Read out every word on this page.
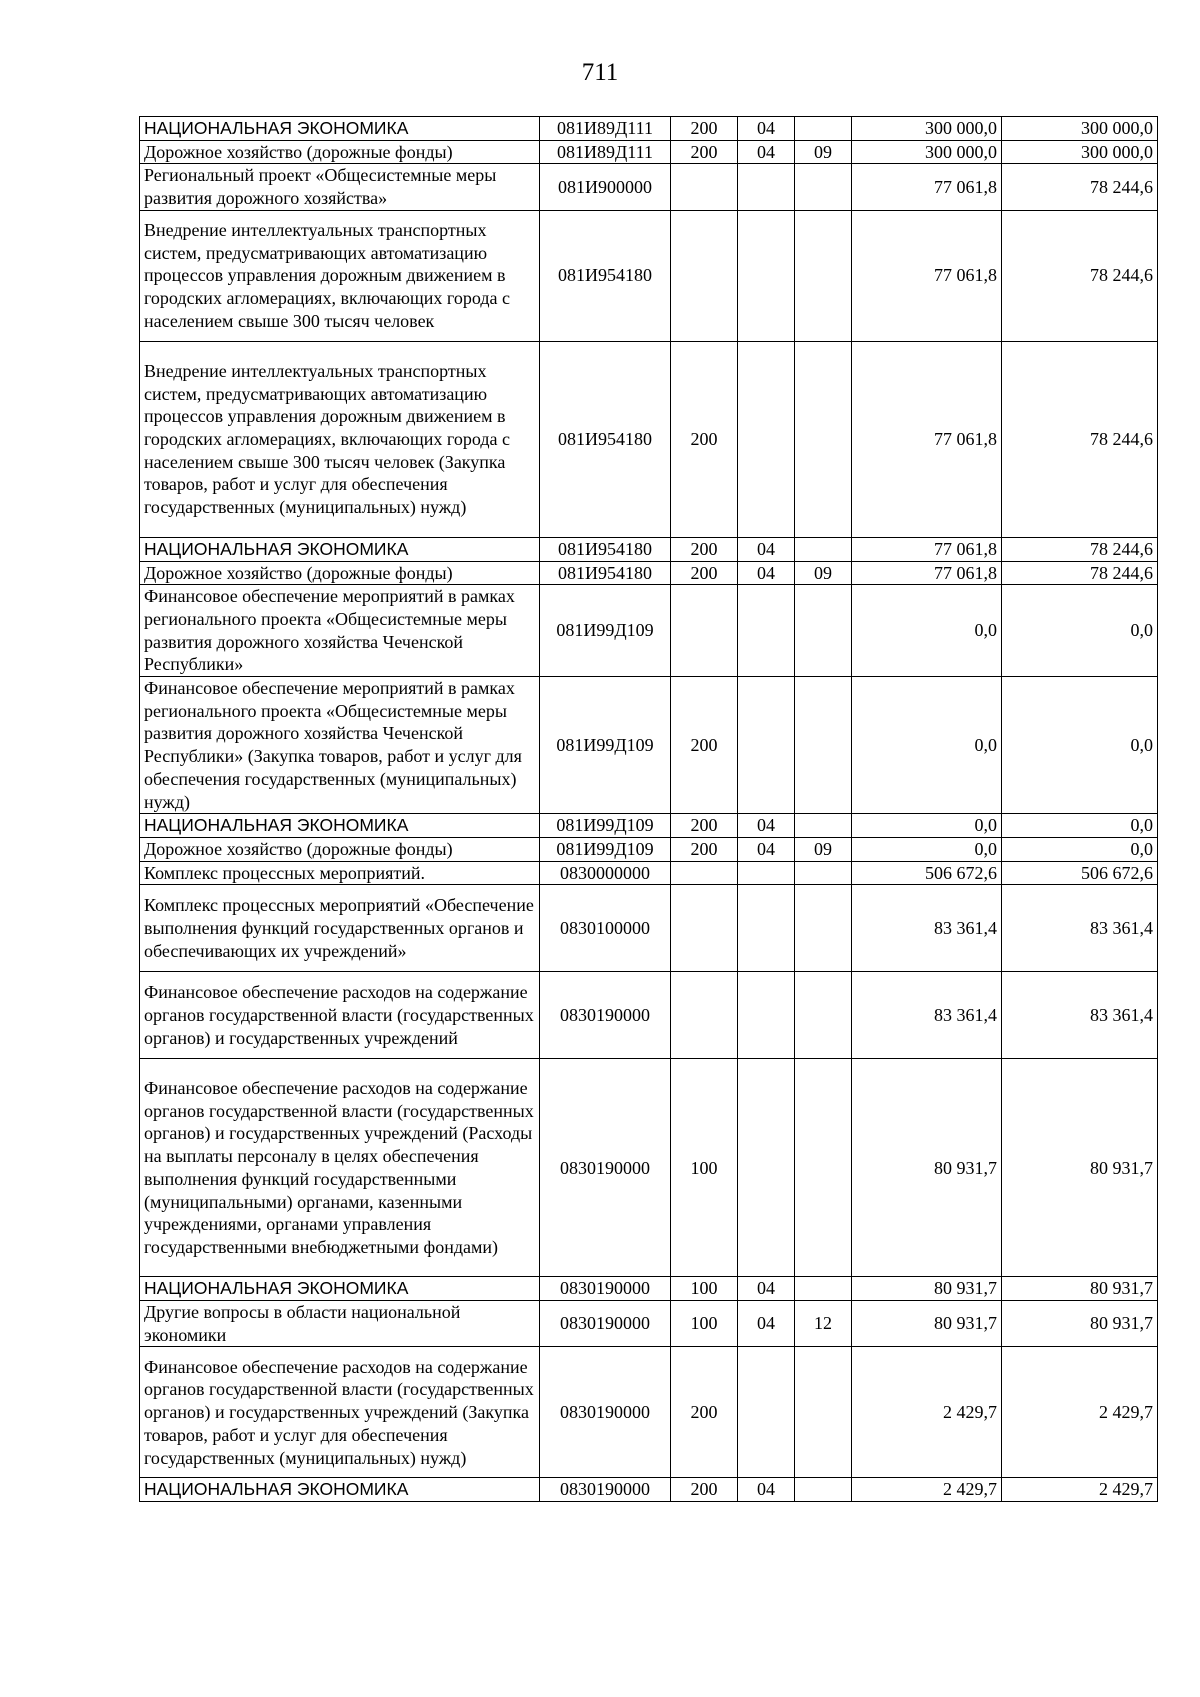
711
НАЦИОНАЛЬНАЯ ЭКОНОМИКА	081И89Д111	200	04		300 000,0	300 000,0
Дорожное хозяйство (дорожные фонды)	081И89Д111	200	04	09	300 000,0	300 000,0
Региональный проект «Общесистемные меры развития дорожного хозяйства»	081И900000				77 061,8	78 244,6
Внедрение интеллектуальных транспортных систем, предусматривающих автоматизацию процессов управления дорожным движением в городских агломерациях, включающих города с населением свыше 300 тысяч человек	081И954180				77 061,8	78 244,6
Внедрение интеллектуальных транспортных систем, предусматривающих автоматизацию процессов управления дорожным движением в городских агломерациях, включающих города с населением свыше 300 тысяч человек (Закупка товаров, работ и услуг для обеспечения государственных (муниципальных) нужд)	081И954180	200			77 061,8	78 244,6
НАЦИОНАЛЬНАЯ ЭКОНОМИКА	081И954180	200	04		77 061,8	78 244,6
Дорожное хозяйство (дорожные фонды)	081И954180	200	04	09	77 061,8	78 244,6
Финансовое обеспечение мероприятий в рамках регионального проекта «Общесистемные меры развития дорожного хозяйства Чеченской Республики»	081И99Д109				0,0	0,0
Финансовое обеспечение мероприятий в рамках регионального проекта «Общесистемные меры развития дорожного хозяйства Чеченской Республики» (Закупка товаров, работ и услуг для обеспечения государственных (муниципальных) нужд)	081И99Д109	200			0,0	0,0
НАЦИОНАЛЬНАЯ ЭКОНОМИКА	081И99Д109	200	04		0,0	0,0
Дорожное хозяйство (дорожные фонды)	081И99Д109	200	04	09	0,0	0,0
Комплекс процессных мероприятий.	0830000000				506 672,6	506 672,6
Комплекс процессных мероприятий «Обеспечение выполнения функций государственных органов и обеспечивающих их учреждений»	0830100000				83 361,4	83 361,4
Финансовое обеспечение расходов на содержание органов государственной власти (государственных органов) и государственных учреждений	0830190000				83 361,4	83 361,4
Финансовое обеспечение расходов на содержание органов государственной власти (государственных органов) и государственных учреждений (Расходы на выплаты персоналу в целях обеспечения выполнения функций государственными (муниципальными) органами, казенными учреждениями, органами управления государственными внебюджетными фондами)	0830190000	100			80 931,7	80 931,7
НАЦИОНАЛЬНАЯ ЭКОНОМИКА	0830190000	100	04		80 931,7	80 931,7
Другие вопросы в области национальной экономики	0830190000	100	04	12	80 931,7	80 931,7
Финансовое обеспечение расходов на содержание органов государственной власти (государственных органов) и государственных учреждений (Закупка товаров, работ и услуг для обеспечения государственных (муниципальных) нужд)	0830190000	200			2 429,7	2 429,7
НАЦИОНАЛЬНАЯ ЭКОНОМИКА	0830190000	200	04		2 429,7	2 429,7
